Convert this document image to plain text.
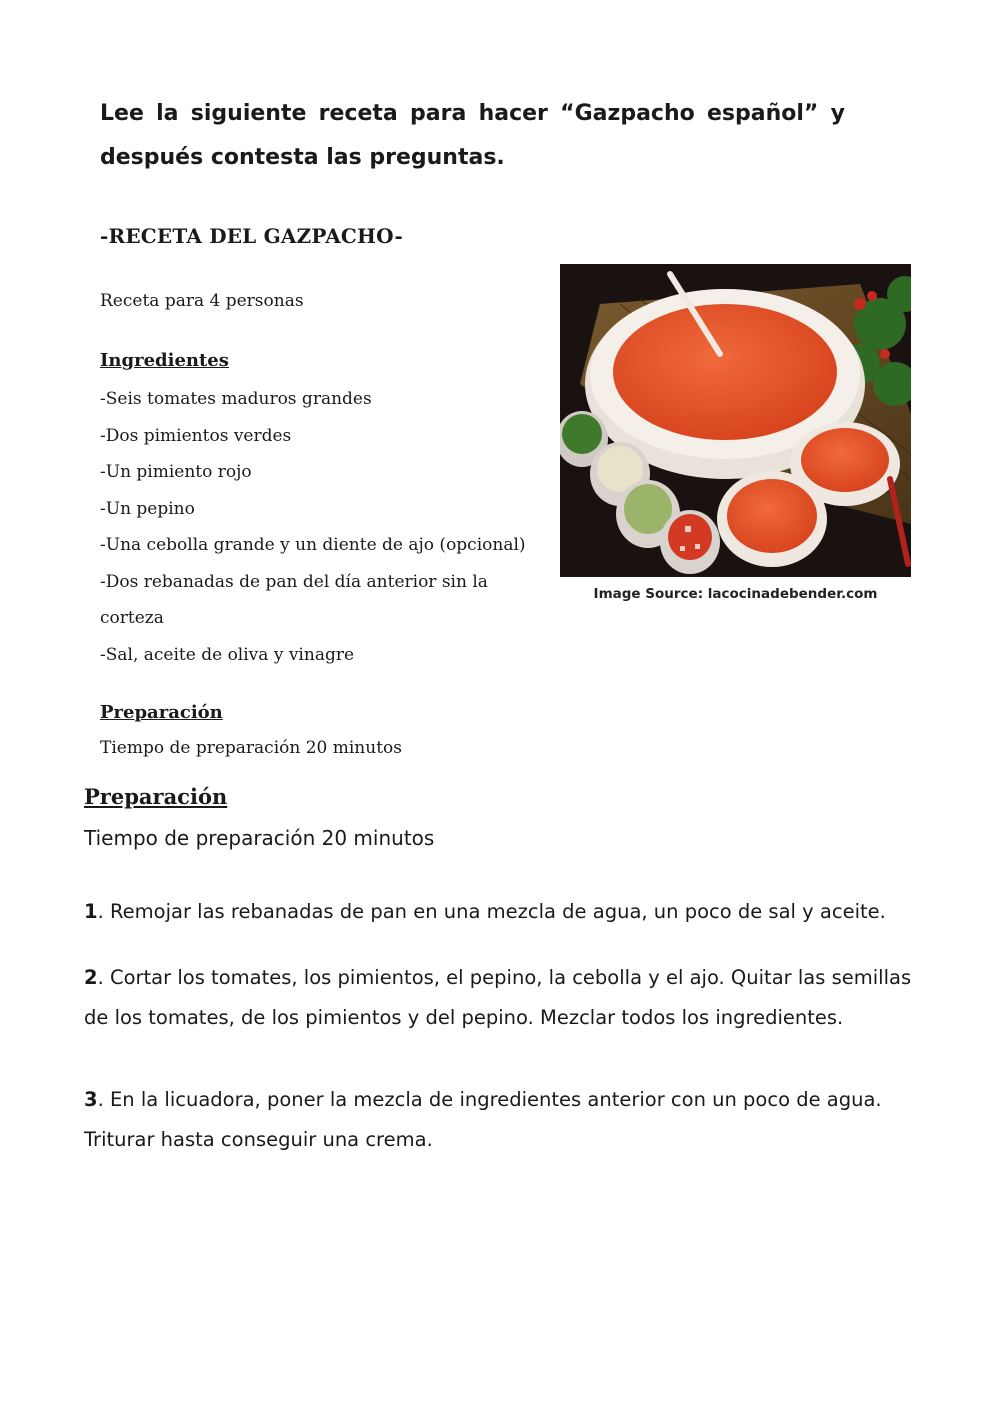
Lee la siguiente receta para hacer “Gazpacho español” y después contesta las preguntas.
-RECETA DEL GAZPACHO-
Receta para 4 personas
Ingredientes
-Seis tomates maduros grandes
-Dos pimientos verdes
-Un pimiento rojo
-Un pepino
-Una cebolla grande y un diente de ajo (opcional)
-Dos rebanadas de pan del día anterior sin la
corteza
-Sal, aceite de oliva y vinagre
Image Source: lacocinadebender.com
Preparación
Tiempo de preparación 20 minutos
Preparación
Tiempo de preparación 20 minutos

1. Remojar las rebanadas de pan en una mezcla de agua, un poco de sal y aceite.

2. Cortar los tomates, los pimientos, el pepino, la cebolla y el ajo. Quitar las semillas de los tomates, de los pimientos y del pepino. Mezclar todos los ingredientes.

3. En la licuadora, poner la mezcla de ingredientes anterior con un poco de agua. Triturar hasta conseguir una crema.
